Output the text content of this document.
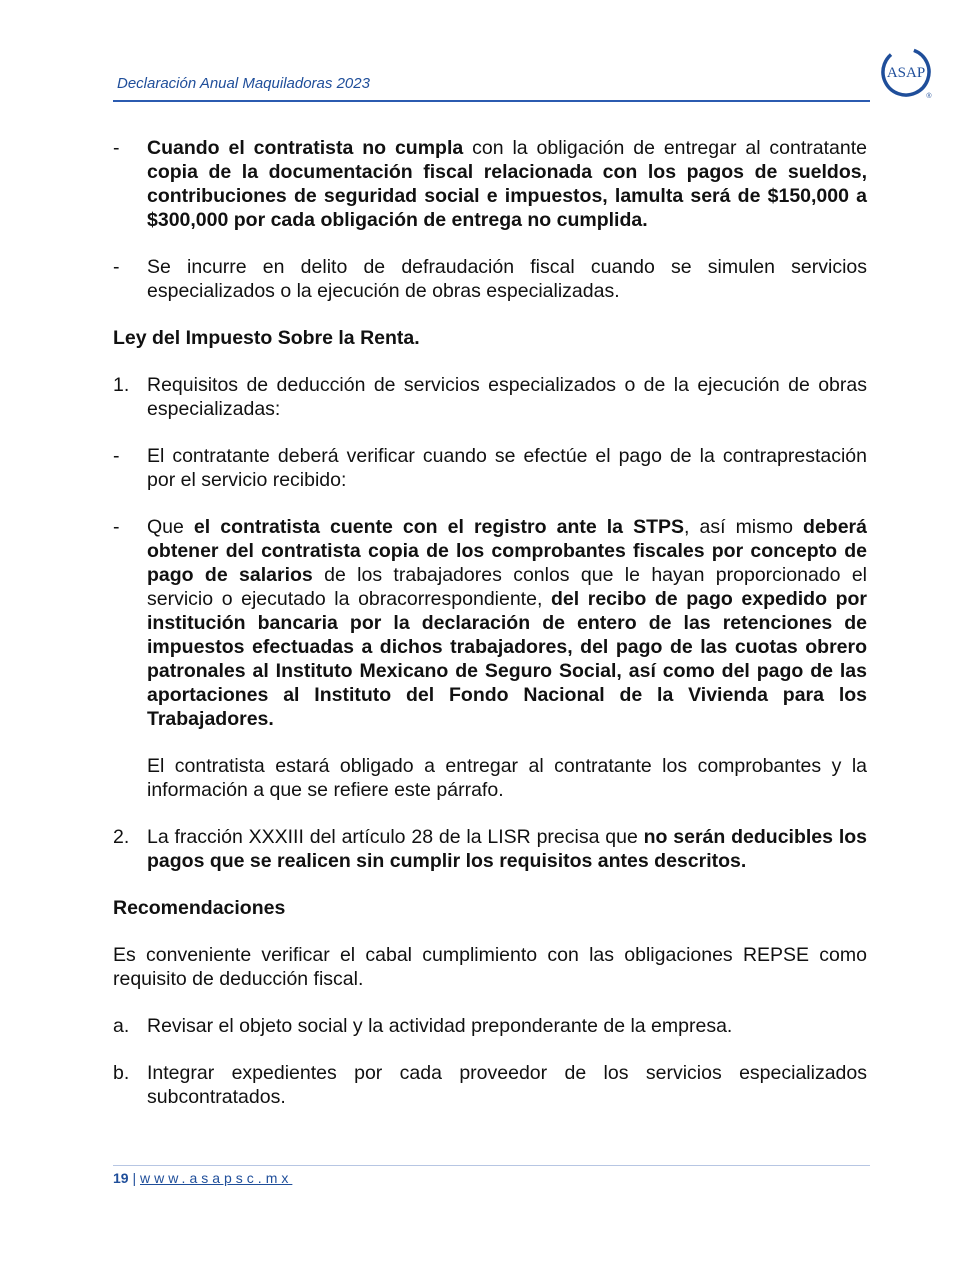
Declaración Anual Maquiladoras 2023
ASAP
®
-	Cuando el contratista no cumpla con la obligación de entregar al contratante copia de la documentación fiscal relacionada con los pagos de sueldos, contribuciones de seguridad social e impuestos, lamulta será de $150,000 a $300,000 por cada obligación de entrega no cumplida.
-	Se incurre en delito de defraudación fiscal cuando se simulen servicios especializados o la ejecución de obras especializadas.
Ley del Impuesto Sobre la Renta.
1. Requisitos de deducción de servicios especializados o de la ejecución de obras especializadas:
-	El contratante deberá verificar cuando se efectúe el pago de la contraprestación por el servicio recibido:
-	Que el contratista cuente con el registro ante la STPS, así mismo deberá obtener del contratista copia de los comprobantes fiscales por concepto de pago de salarios de los trabajadores conlos que le hayan proporcionado el servicio o ejecutado la obracorrespondiente, del recibo de pago expedido por institución bancaria por la declaración de entero de las retenciones de impuestos efectuadas a dichos trabajadores, del pago de las cuotas obrero patronales al Instituto Mexicano de Seguro Social, así como del pago de las aportaciones al Instituto del Fondo Nacional de la Vivienda para los Trabajadores.
El contratista estará obligado a entregar al contratante los comprobantes y la información a que se refiere este párrafo.
2. La fracción XXXIII del artículo 28 de la LISR precisa que no serán deducibles los pagos que se realicen sin cumplir los requisitos antes descritos.
Recomendaciones
Es conveniente verificar el cabal cumplimiento con las obligaciones REPSE como requisito de deducción fiscal.
a. Revisar el objeto social y la actividad preponderante de la empresa.
b. Integrar expedientes por cada proveedor de los servicios especializados subcontratados.
19 | www.asapsc.mx
